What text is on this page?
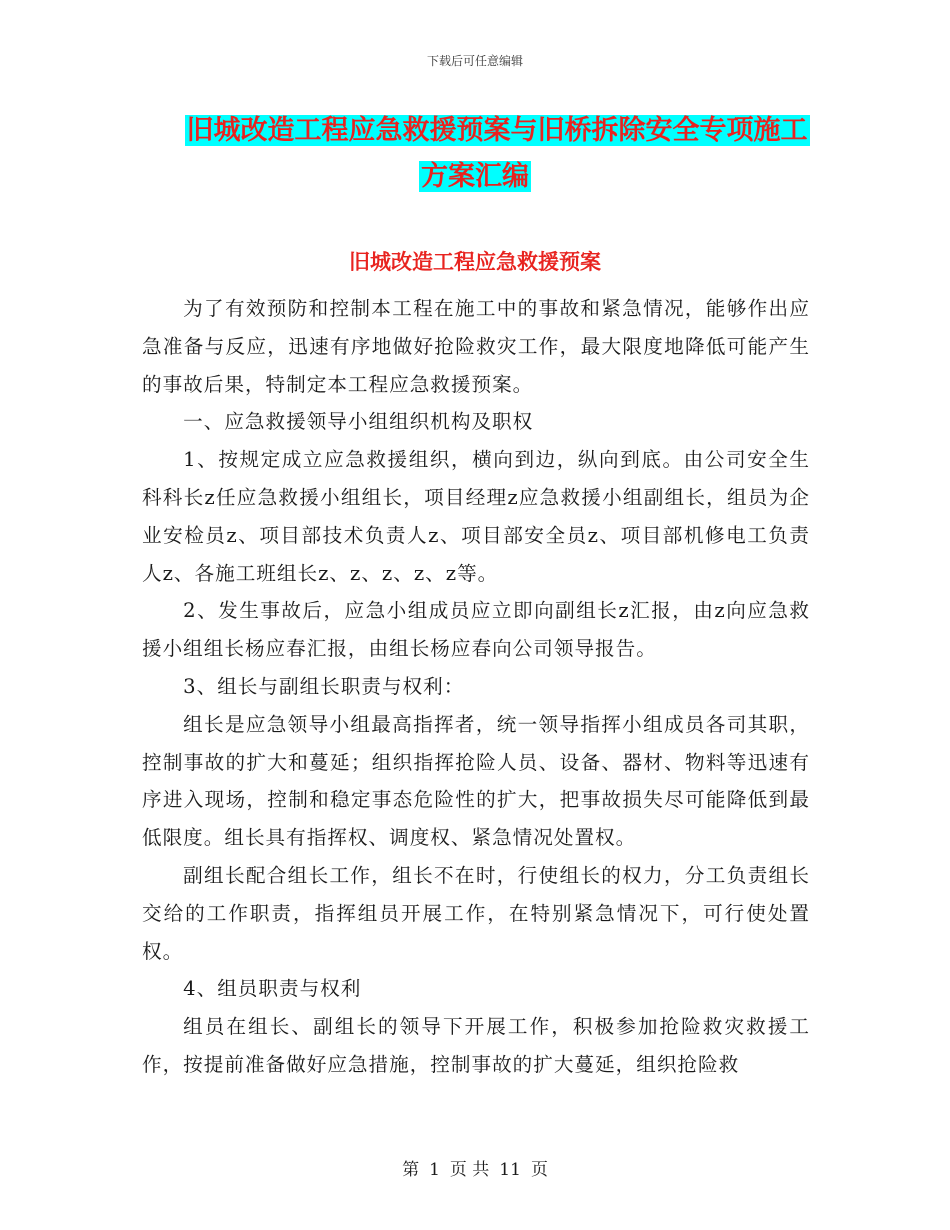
下载后可任意编辑
旧城改造工程应急救援预案与旧桥拆除安全专项施工
方案汇编
旧城改造工程应急救援预案

为了有效预防和控制本工程在施工中的事故和紧急情况，能够作出应急准备与反应，迅速有序地做好抢险救灾工作，最大限度地降低可能产生的事故后果，特制定本工程应急救援预案。

一、应急救援领导小组组织机构及职权

1、按规定成立应急救援组织，横向到边，纵向到底。由公司安全生科科长z任应急救援小组组长，项目经理z应急救援小组副组长，组员为企业安检员z、项目部技术负责人z、项目部安全员z、项目部机修电工负责人z、各施工班组长z、z、z、z、z等。

2、发生事故后，应急小组成员应立即向副组长z汇报，由z向应急救援小组组长杨应春汇报，由组长杨应春向公司领导报告。

3、组长与副组长职责与权利：

组长是应急领导小组最高指挥者，统一领导指挥小组成员各司其职，控制事故的扩大和蔓延；组织指挥抢险人员、设备、器材、物料等迅速有序进入现场，控制和稳定事态危险性的扩大，把事故损失尽可能降低到最低限度。组长具有指挥权、调度权、紧急情况处置权。

副组长配合组长工作，组长不在时，行使组长的权力，分工负责组长交给的工作职责，指挥组员开展工作，在特别紧急情况下，可行使处置权。

4、组员职责与权利

组员在组长、副组长的领导下开展工作，积极参加抢险救灾救援工作，按提前准备做好应急措施，控制事故的扩大蔓延，组织抢险救

第 1 页 共 11 页
